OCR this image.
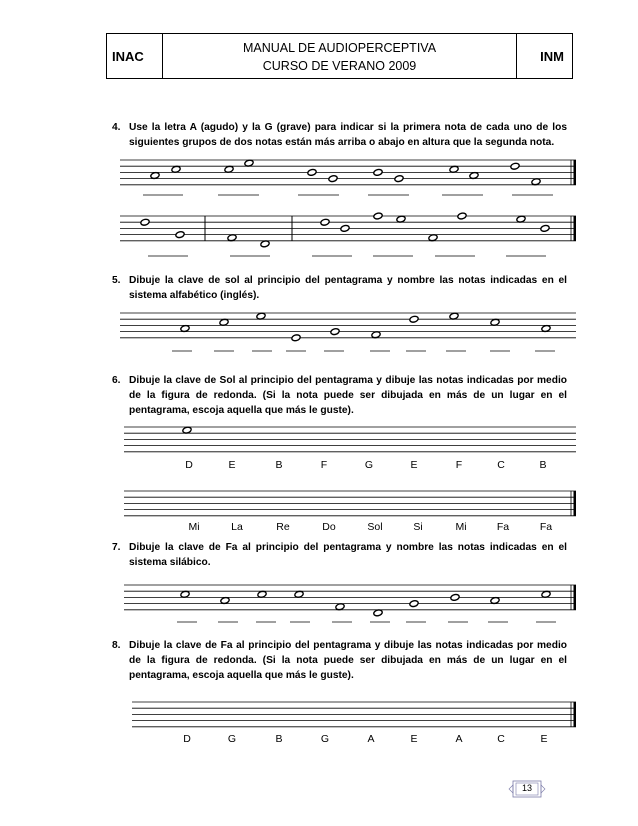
INAC
MANUAL DE AUDIOPERCEPTIVA
CURSO DE VERANO 2009
INM
4. Use la letra A (agudo) y la G (grave) para indicar si la primera nota de cada uno de los siguientes grupos de dos notas están más arriba o abajo en altura que la segunda nota.
5. Dibuje la clave de sol al principio del pentagrama y nombre las notas indicadas en el sistema alfabético (inglés).
6. Dibuje la clave de Sol al principio del pentagrama y dibuje las notas indicadas por medio de la figura de redonda. (Si la nota puede ser dibujada en más de un lugar en el pentagrama, escoja aquella que más le guste).
7. Dibuje la clave de Fa al principio del pentagrama y nombre las notas indicadas en el sistema silábico.
8. Dibuje la clave de Fa al principio del pentagrama y dibuje las notas indicadas por medio de la figura de redonda. (Si la nota puede ser dibujada en más de un lugar en el pentagrama, escoja aquella que más le guste).
D	E	B	F	G	E	F	C	B
Mi	La	Re	Do	Sol	Si	Mi	Fa	Fa
D	G	B	G	A	E	A	C	E
13
